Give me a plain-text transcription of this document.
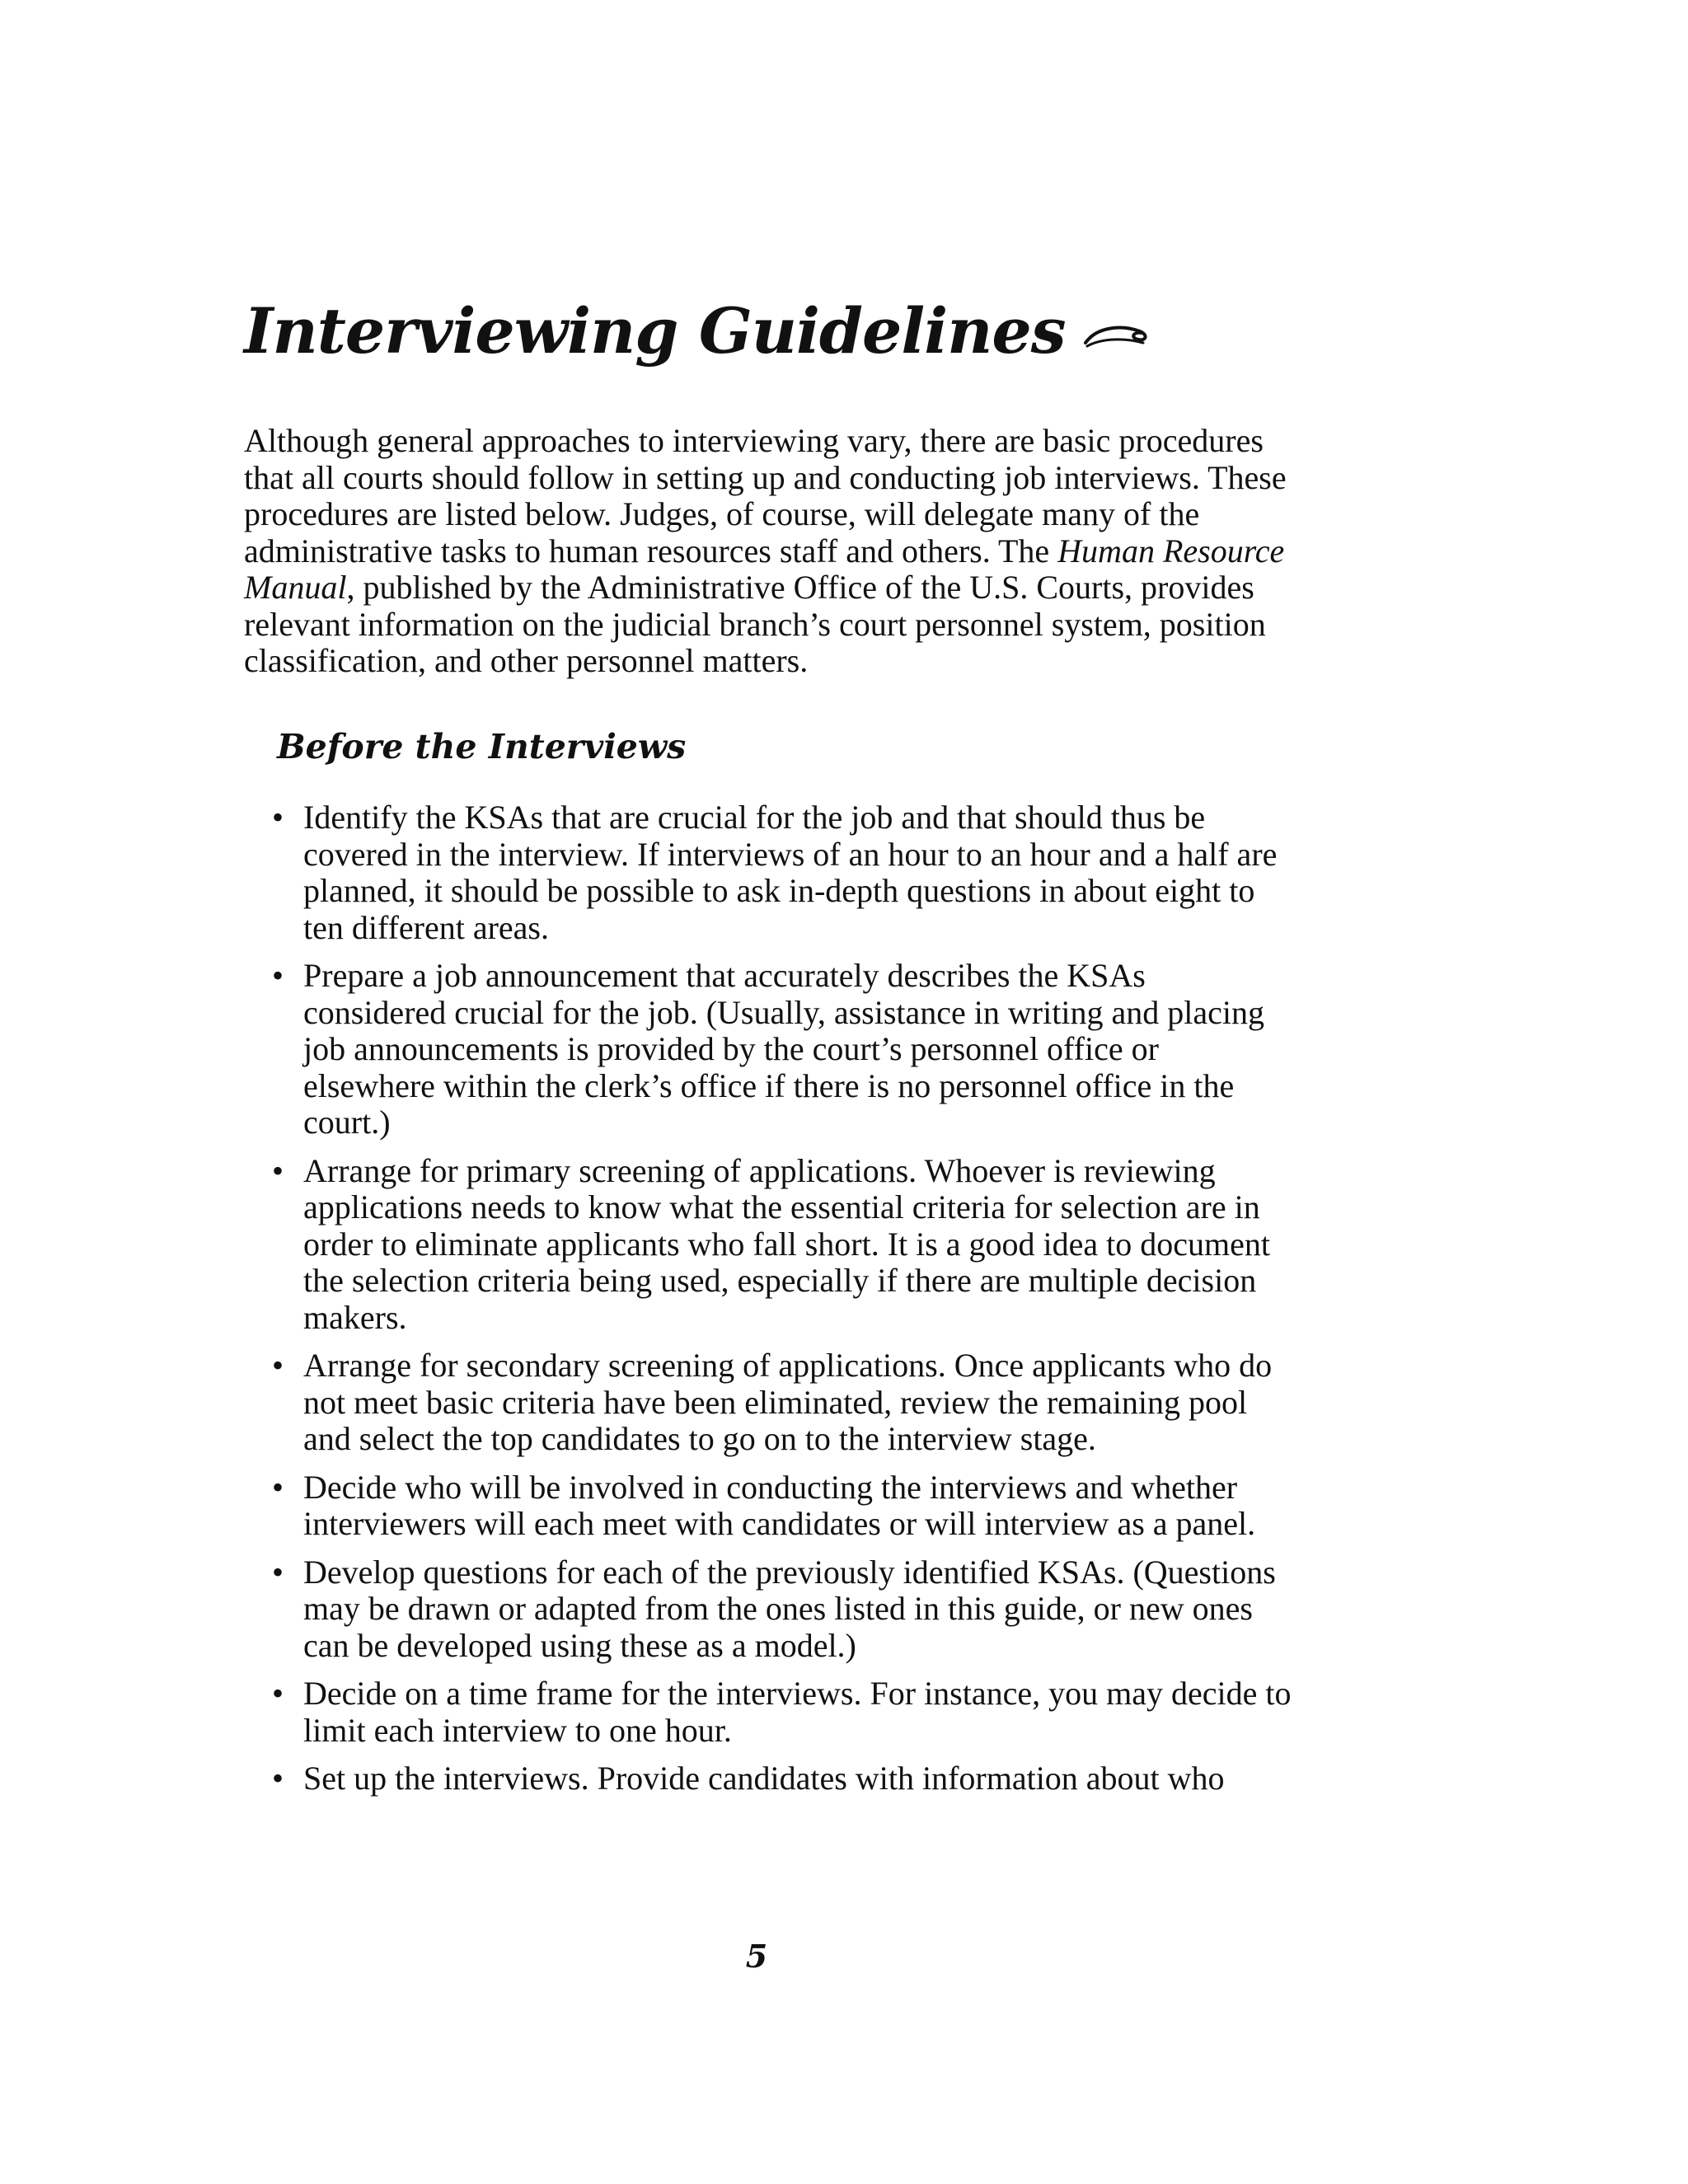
Interviewing Guidelines

Although general approaches to interviewing vary, there are basic procedures that all courts should follow in setting up and conducting job interviews. These procedures are listed below. Judges, of course, will delegate many of the administrative tasks to human resources staff and others. The Human Resource Manual, published by the Administrative Office of the U.S. Courts, provides relevant information on the judicial branch’s court personnel system, position classification, and other personnel matters.

Before the Interviews
• Identify the KSAs that are crucial for the job and that should thus be covered in the interview. If interviews of an hour to an hour and a half are planned, it should be possible to ask in-depth questions in about eight to ten different areas.
• Prepare a job announcement that accurately describes the KSAs considered crucial for the job. (Usually, assistance in writing and placing job announcements is provided by the court’s personnel office or elsewhere within the clerk’s office if there is no personnel office in the court.)
• Arrange for primary screening of applications. Whoever is reviewing applications needs to know what the essential criteria for selection are in order to eliminate applicants who fall short. It is a good idea to document the selection criteria being used, especially if there are multiple decision makers.
• Arrange for secondary screening of applications. Once applicants who do not meet basic criteria have been eliminated, review the remaining pool and select the top candidates to go on to the interview stage.
• Decide who will be involved in conducting the interviews and whether interviewers will each meet with candidates or will interview as a panel.
• Develop questions for each of the previously identified KSAs. (Questions may be drawn or adapted from the ones listed in this guide, or new ones can be developed using these as a model.)
• Decide on a time frame for the interviews. For instance, you may decide to limit each interview to one hour.
• Set up the interviews. Provide candidates with information about who

5
